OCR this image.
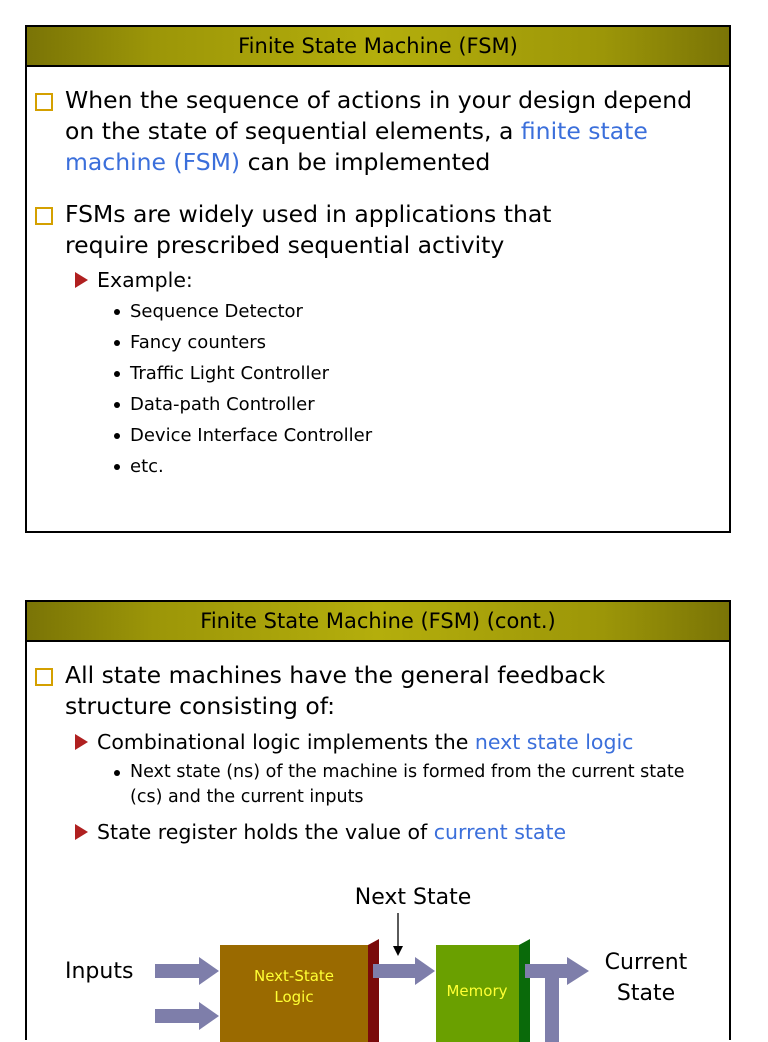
Finite State Machine (FSM)
When the sequence of actions in your design depend on the state of sequential elements, a finite state machine (FSM) can be implemented
FSMs are widely used in applications that require prescribed sequential activity
Example:
Sequence Detector
Fancy counters
Traffic Light Controller
Data-path Controller
Device Interface Controller
etc.
Finite State Machine (FSM) (cont.)
All state machines have the general feedback structure consisting of:
Combinational logic implements the next state logic
Next state (ns) of the machine is formed from the current state (cs) and the current inputs
State register holds the value of current state
Next State
Inputs	Next-State
Logic	Memory
Current
State
